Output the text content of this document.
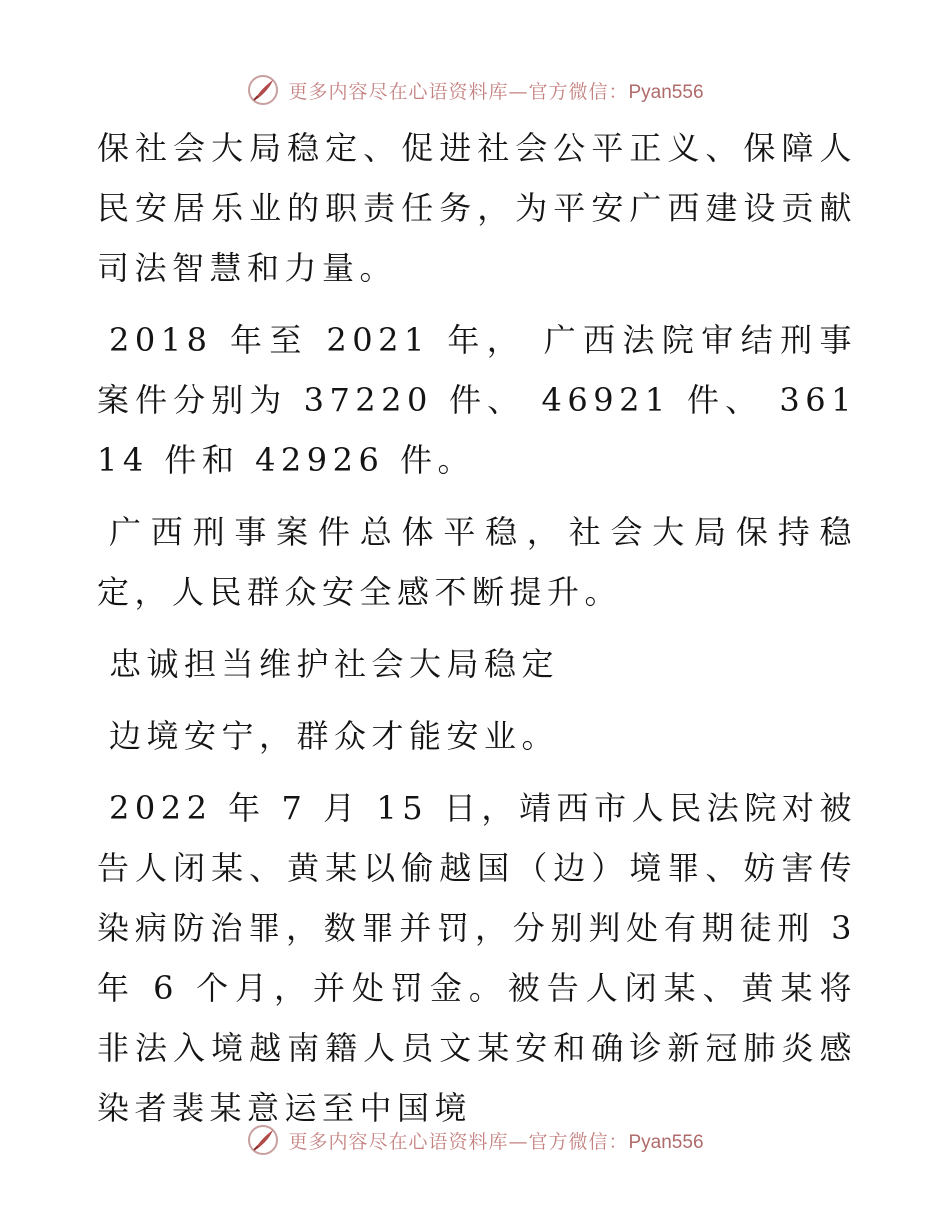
更多内容尽在心语资料库—官方微信：Pyan556

保社会大局稳定、促进社会公平正义、保障人民安居乐业的职责任务，为平安广西建设贡献司法智慧和力量。

2018 年至 2021 年， 广西法院审结刑事案件分别为 37220 件、 46921 件、 36114 件和 42926 件。

广西刑事案件总体平稳，社会大局保持稳定，人民群众安全感不断提升。

忠诚担当维护社会大局稳定

边境安宁，群众才能安业。

2022 年 7 月 15 日，靖西市人民法院对被告人闭某、黄某以偷越国（边）境罪、妨害传染病防治罪，数罪并罚，分别判处有期徒刑 3 年 6 个月，并处罚金。被告人闭某、黄某将非法入境越南籍人员文某安和确诊新冠肺炎感染者裴某意运至中国境

更多内容尽在心语资料库—官方微信：Pyan556
